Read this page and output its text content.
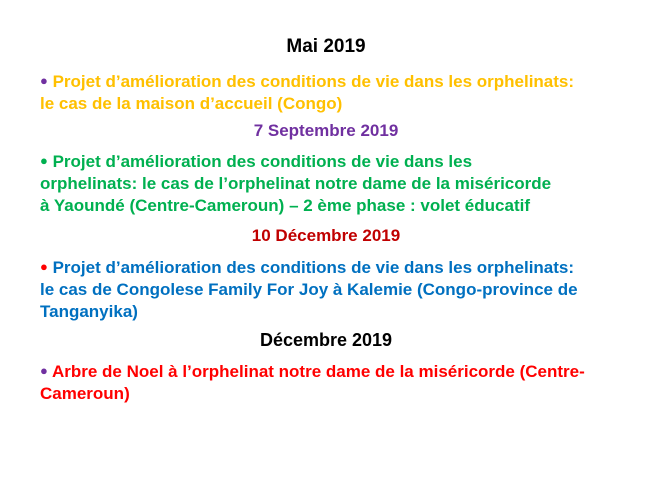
Mai 2019
● Projet d’amélioration des conditions de vie dans les orphelinats:
le cas de la maison d’accueil (Congo)
7 Septembre 2019
● Projet d’amélioration des conditions de vie dans les
orphelinats: le cas de l’orphelinat notre dame de la miséricorde
à Yaoundé (Centre-Cameroun) – 2 ème phase : volet éducatif
10 Décembre 2019
● Projet d’amélioration des conditions de vie dans les orphelinats:
le cas de Congolese Family For Joy à Kalemie (Congo-province de
Tanganyika)
Décembre 2019
● Arbre de Noel à l’orphelinat notre dame de la miséricorde (Centre-
Cameroun)
